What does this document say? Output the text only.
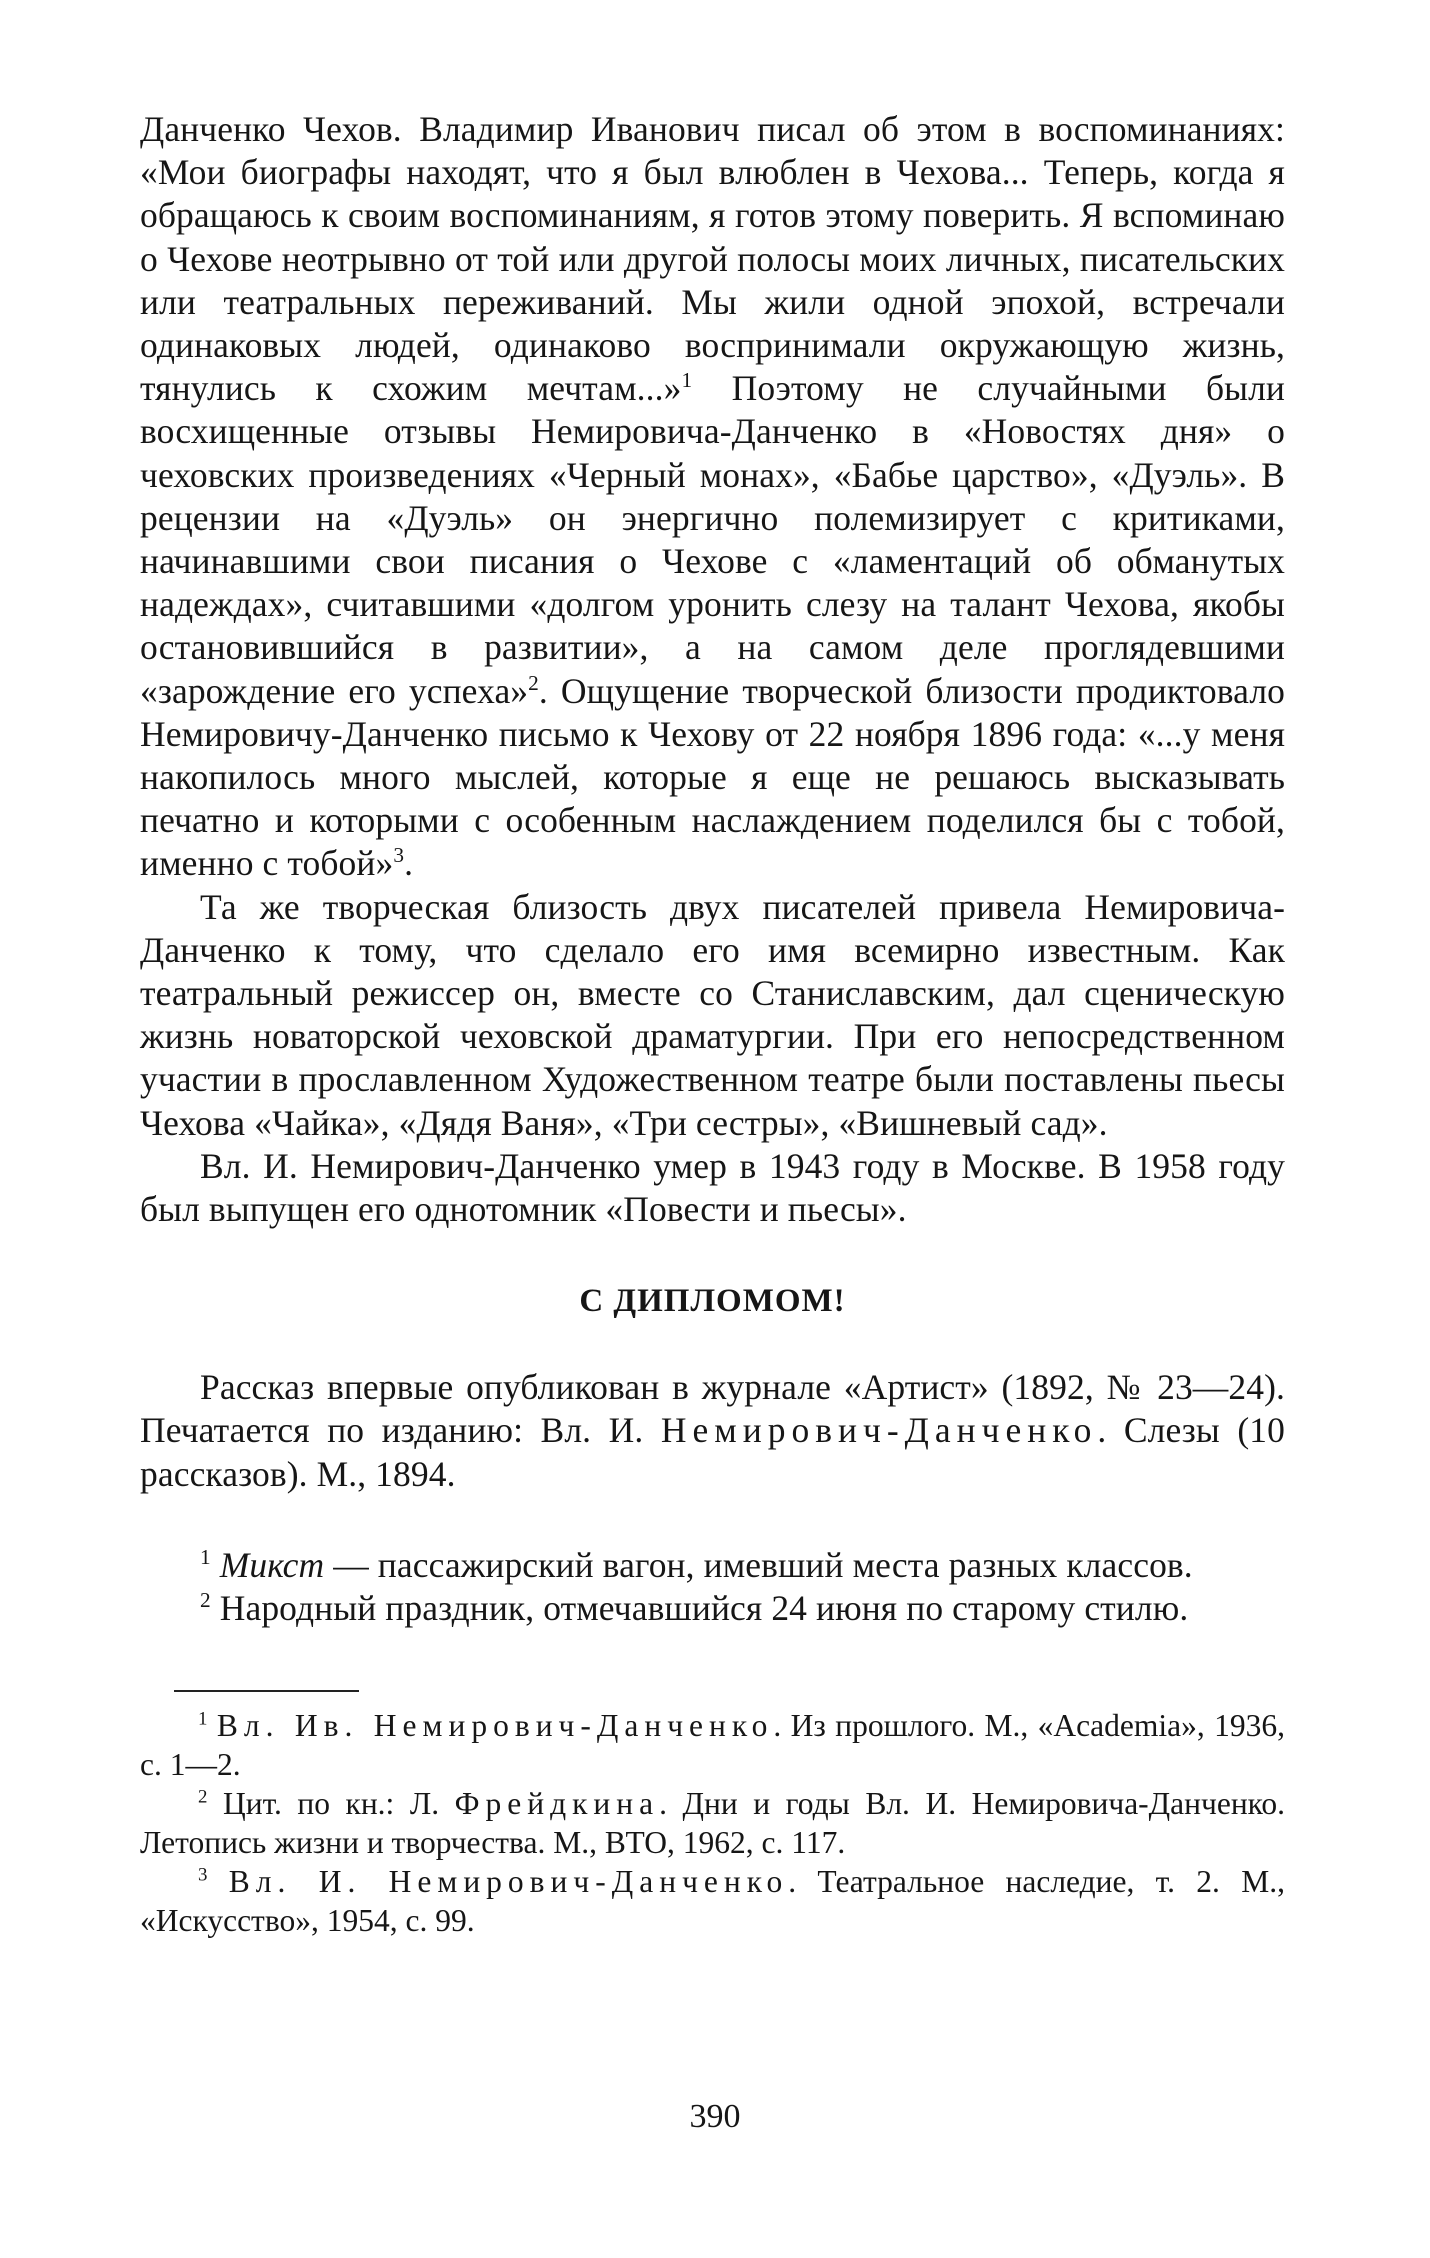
Данченко Чехов. Владимир Иванович писал об этом в воспоминаниях: «Мои биографы находят, что я был влюблен в Чехова... Теперь, когда я обращаюсь к своим воспоминаниям, я готов этому поверить. Я вспоминаю о Чехове неотрывно от той или другой полосы моих личных, писательских или театральных переживаний. Мы жили одной эпохой, встречали одинаковых людей, одинаково воспринимали окружающую жизнь, тянулись к схожим мечтам...»$^1$ Поэтому не случайными были восхищенные отзывы Немировича-Данченко в «Новостях дня» о чеховских произведениях «Черный монах», «Бабье царство», «Дуэль». В рецензии на «Дуэль» он энергично полемизирует с критиками, начинавшими свои писания о Чехове с «ламентаций об обманутых надеждах», считавшими «долгом уронить слезу на талант Чехова, якобы остановившийся в развитии», а на самом деле проглядевшими «зарождение его успеха»$^2$. Ощущение творческой близости продиктовало Немировичу-Данченко письмо к Чехову от 22 ноября 1896 года: «...у меня накопилось много мыслей, которые я еще не решаюсь высказывать печатно и которыми с особенным наслаждением поделился бы с тобой, именно с тобой»$^3$.

Та же творческая близость двух писателей привела Немировича-Данченко к тому, что сделало его имя всемирно известным. Как театральный режиссер он, вместе со Станиславским, дал сценическую жизнь новаторской чеховской драматургии. При его непосредственном участии в прославленном Художественном театре были поставлены пьесы Чехова «Чайка», «Дядя Ваня», «Три сестры», «Вишневый сад».

Вл. И. Немирович-Данченко умер в 1943 году в Москве. В 1958 году был выпущен его однотомник «Повести и пьесы».

С ДИПЛОМОМ!

Рассказ впервые опубликован в журнале «Артист» (1892, № 23—24). Печатается по изданию: Вл. И. Немирович-Данченко. Слезы (10 рассказов). М., 1894.

$^1$ Микст — пассажирский вагон, имевший места разных классов.

$^2$ Народный праздник, отмечавшийся 24 июня по старому стилю.

$^1$ Вл. Ив. Немирович-Данченко. Из прошлого. М., «Academia», 1936, с. 1—2.

$^2$ Цит. по кн.: Л. Фрейдкина. Дни и годы Вл. И. Немировича-Данченко. Летопись жизни и творчества. М., ВТО, 1962, с. 117.

$^3$ Вл. И. Немирович-Данченко. Театральное наследие, т. 2. М., «Искусство», 1954, с. 99.

390
